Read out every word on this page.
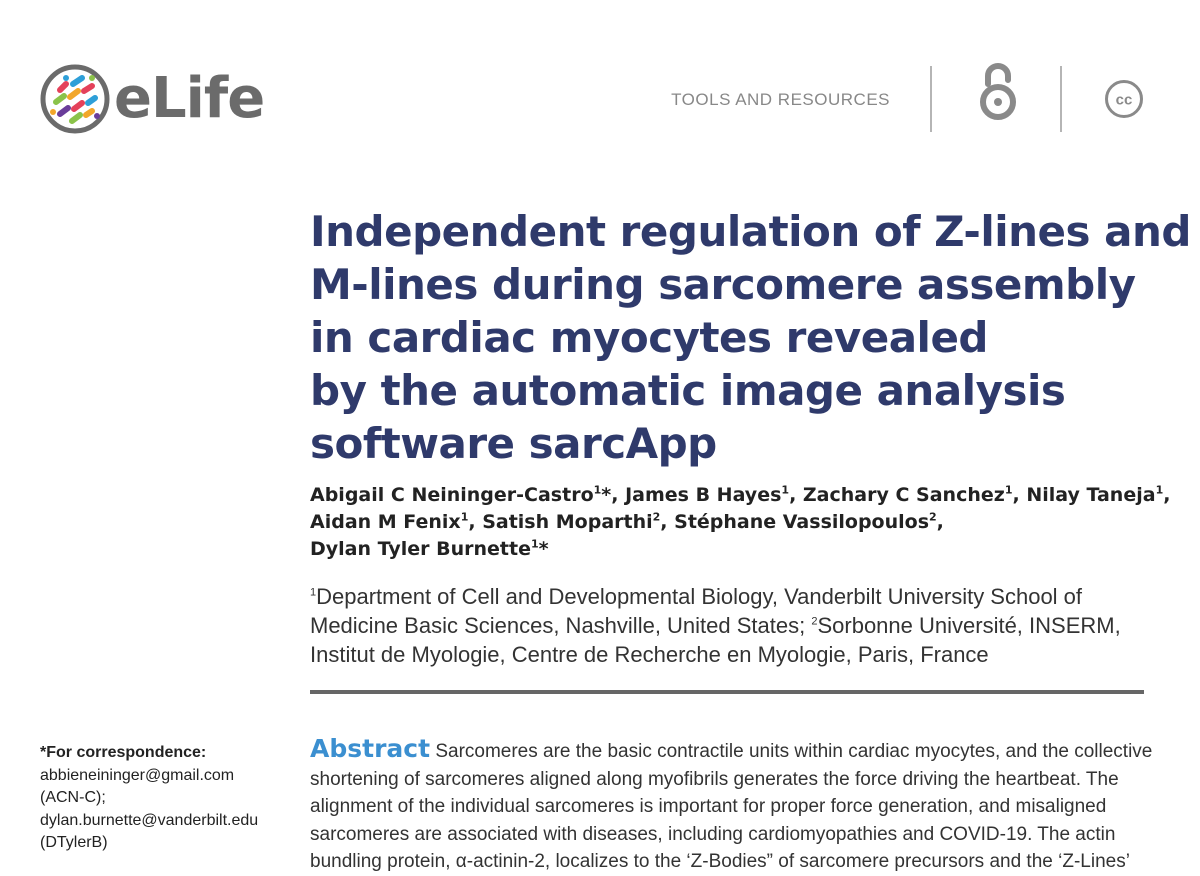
eLife	TOOLS AND RESOURCES	cc
Independent regulation of Z-lines and
M-lines during sarcomere assembly
in cardiac myocytes revealed
by the automatic image analysis
software sarcApp
Abigail C Neininger-Castro$^1$*, James B Hayes$^1$, Zachary C Sanchez$^1$, Nilay Taneja$^1$,
Aidan M Fenix$^1$, Satish Moparthi$^2$, Stéphane Vassilopoulos$^2$,
Dylan Tyler Burnette$^1$*
$^1$Department of Cell and Developmental Biology, Vanderbilt University School of
Medicine Basic Sciences, Nashville, United States; $^2$Sorbonne Université, INSERM,
Institut de Myologie, Centre de Recherche en Myologie, Paris, France
*For correspondence:
abbieneininger@gmail.com
(ACN-C);
dylan.burnette@vanderbilt.edu
(DTylerB)
Abstract Sarcomeres are the basic contractile units within cardiac myocytes, and the collective
shortening of sarcomeres aligned along myofibrils generates the force driving the heartbeat. The
alignment of the individual sarcomeres is important for proper force generation, and misaligned
sarcomeres are associated with diseases, including cardiomyopathies and COVID-19. The actin
bundling protein, α-actinin-2, localizes to the ‘Z-Bodies” of sarcomere precursors and the ‘Z-Lines’
